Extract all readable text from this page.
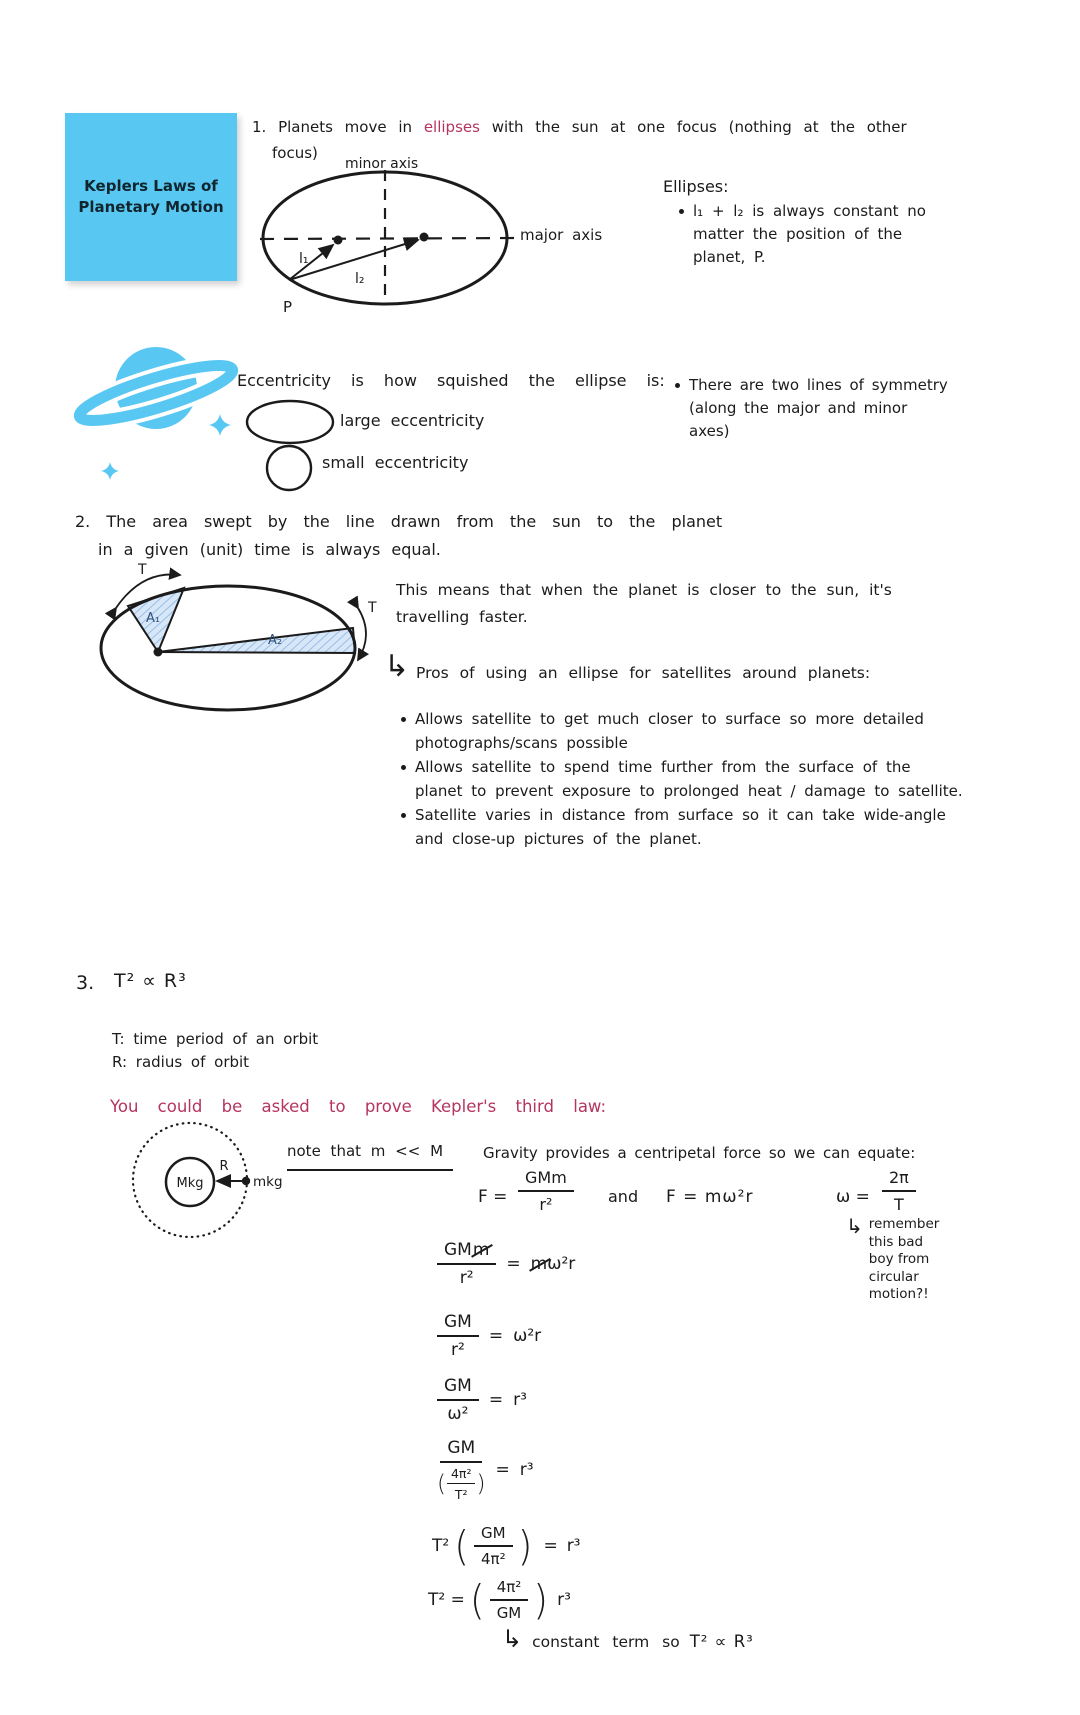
Keplers Laws of Planetary Motion
1. Planets move in ellipses with the sun at one focus (nothing at the other
focus)
minor axis
major axis
l₁
l₂
P
Ellipses:
l₁ + l₂ is always constant no matter the position of the planet, P.
There are two lines of symmetry (along the major and minor axes)
Eccentricity is how squished the ellipse is:
large eccentricity
small eccentricity
2. The area swept by the line drawn from the sun to the planet
in a given (unit) time is always equal.
T
T
A₁
A₂
This means that when the planet is closer to the sun, it's travelling faster.
↳ Pros of using an ellipse for satellites around planets:
Allows satellite to get much closer to surface so more detailed photographs/scans possible
Allows satellite to spend time further from the surface of the planet to prevent exposure to prolonged heat / damage to satellite.
Satellite varies in distance from surface so it can take wide-angle and close-up pictures of the planet.
3. T² ∝ R³
T: time period of an orbit
R: radius of orbit
You could be asked to prove Kepler's third law:
Mkg
R
mkg
note that m << M	Gravity provides a centripetal force so we can equate:
F =
GMm
r²	and F = mω²r	$\omega = \frac{2\pi}{T}$
↳ remember
this bad
boy from
circular
motion?!
$\frac{\text{GM m}}{\text{r²}} = m$ ω²r
$\frac{GM}{\text{r²}} = \omega^2r$
$\frac{GM}{\text{ω²}} = r^3$
$\frac{GM}{( \frac{\text{4π²}}{\text{T²}} )} = r^3$
T² ( $\frac{GM}{\text{4π²}}$ ) = r³
T² = ( $\frac{\text{4π²}}{GM}$ ) r³
↳ constant term so T² ∝ R³
